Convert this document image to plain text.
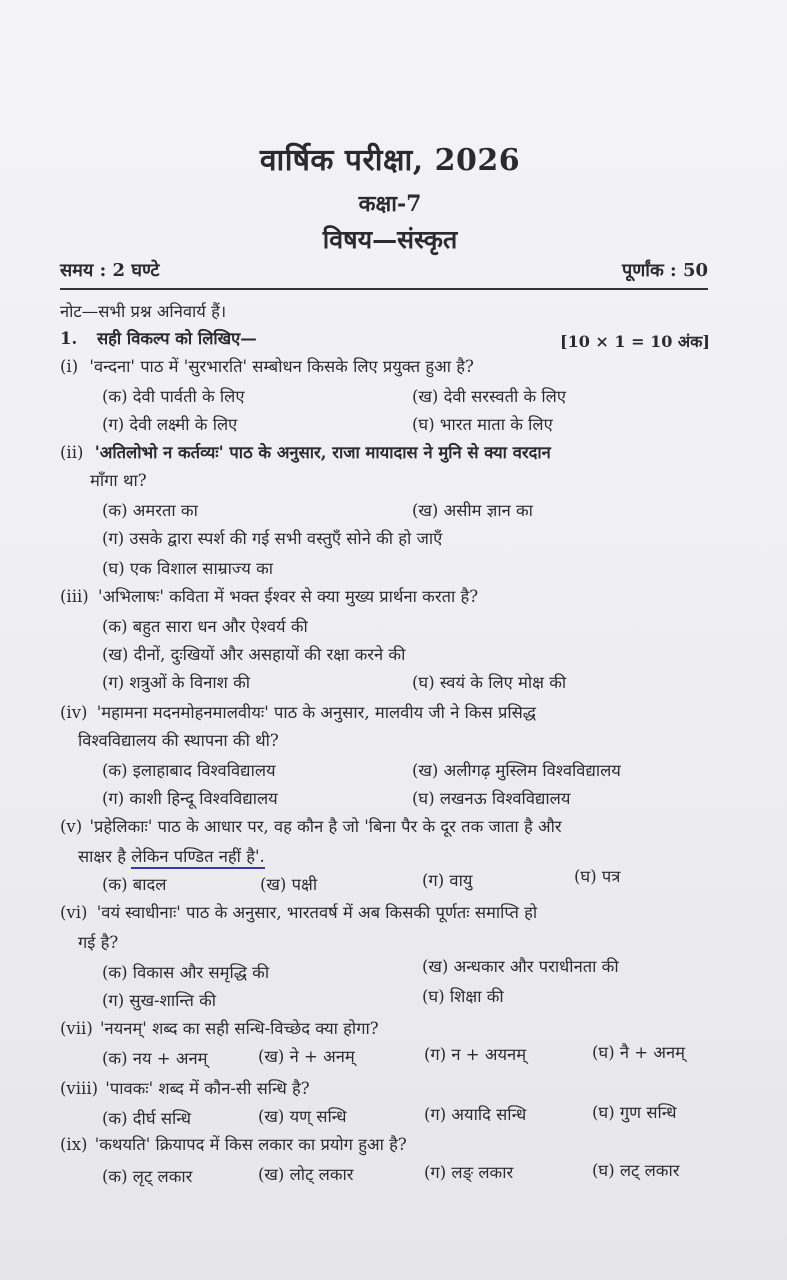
वार्षिक परीक्षा, 2026
कक्षा-7
विषय—संस्कृत
समय : 2 घण्टे	पूर्णांक : 50
नोट—सभी प्रश्न अनिवार्य हैं।
1. सही विकल्प को लिखिए—	[10 × 1 = 10 अंक]
(i) 'वन्दना' पाठ में 'सुरभारति' सम्बोधन किसके लिए प्रयुक्त हुआ है?
(क) देवी पार्वती के लिए	(ख) देवी सरस्वती के लिए
(ग) देवी लक्ष्मी के लिए	(घ) भारत माता के लिए
(ii) 'अतिलोभो न कर्तव्यः' पाठ के अनुसार, राजा मायादास ने मुनि से क्या वरदान
माँगा था?
(क) अमरता का	(ख) असीम ज्ञान का
(ग) उसके द्वारा स्पर्श की गई सभी वस्तुएँ सोने की हो जाएँ
(घ) एक विशाल साम्राज्य का
(iii) 'अभिलाषः' कविता में भक्त ईश्वर से क्या मुख्य प्रार्थना करता है?
(क) बहुत सारा धन और ऐश्वर्य की
(ख) दीनों, दुःखियों और असहायों की रक्षा करने की
(ग) शत्रुओं के विनाश की	(घ) स्वयं के लिए मोक्ष की
(iv) 'महामना मदनमोहनमालवीयः' पाठ के अनुसार, मालवीय जी ने किस प्रसिद्ध
विश्वविद्यालय की स्थापना की थी?
(क) इलाहाबाद विश्वविद्यालय	(ख) अलीगढ़ मुस्लिम विश्वविद्यालय
(ग) काशी हिन्दू विश्वविद्यालय	(घ) लखनऊ विश्वविद्यालय
(v) 'प्रहेलिकाः' पाठ के आधार पर, वह कौन है जो 'बिना पैर के दूर तक जाता है और
साक्षर है लेकिन पण्डित नहीं है'.
(क) बादल	(ख) पक्षी	(ग) वायु	(घ) पत्र
(vi) 'वयं स्वाधीनाः' पाठ के अनुसार, भारतवर्ष में अब किसकी पूर्णतः समाप्ति हो
गई है?
(क) विकास और समृद्धि की	(ख) अन्धकार और पराधीनता की
(ग) सुख-शान्ति की	(घ) शिक्षा की
(vii) 'नयनम्' शब्द का सही सन्धि-विच्छेद क्या होगा?
(क) नय + अनम्	(ख) ने + अनम्	(ग) न + अयनम्	(घ) नै + अनम्
(viii) 'पावकः' शब्द में कौन-सी सन्धि है?
(क) दीर्घ सन्धि	(ख) यण् सन्धि	(ग) अयादि सन्धि	(घ) गुण सन्धि
(ix) 'कथयति' क्रियापद में किस लकार का प्रयोग हुआ है?
(क) लृट् लकार	(ख) लोट् लकार	(ग) लङ् लकार	(घ) लट् लकार
